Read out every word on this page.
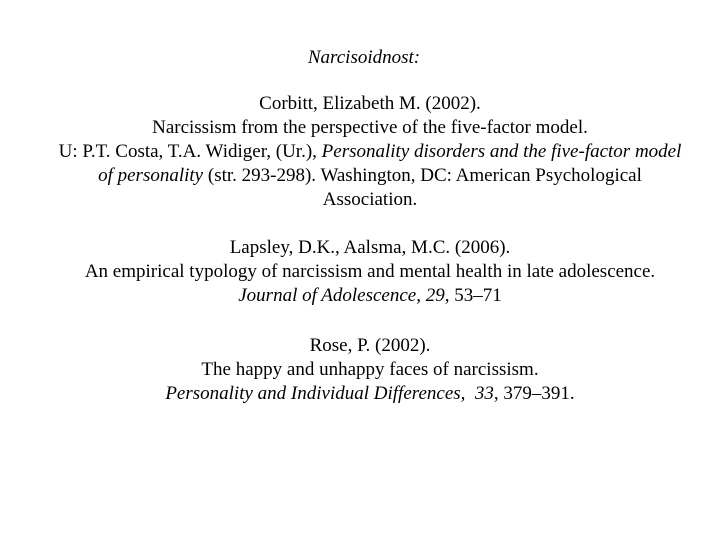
Narcisoidnost:
Corbitt, Elizabeth M. (2002).
Narcissism from the perspective of the five-factor model.
U: P.T. Costa, T.A. Widiger, (Ur.), Personality disorders and the five-factor model of personality (str. 293-298). Washington, DC: American Psychological Association.
Lapsley, D.K., Aalsma, M.C. (2006).
An empirical typology of narcissism and mental health in late adolescence.
Journal of Adolescence, 29, 53–71
Rose, P. (2002).
The happy and unhappy faces of narcissism.
Personality and Individual Differences,  33, 379–391.
